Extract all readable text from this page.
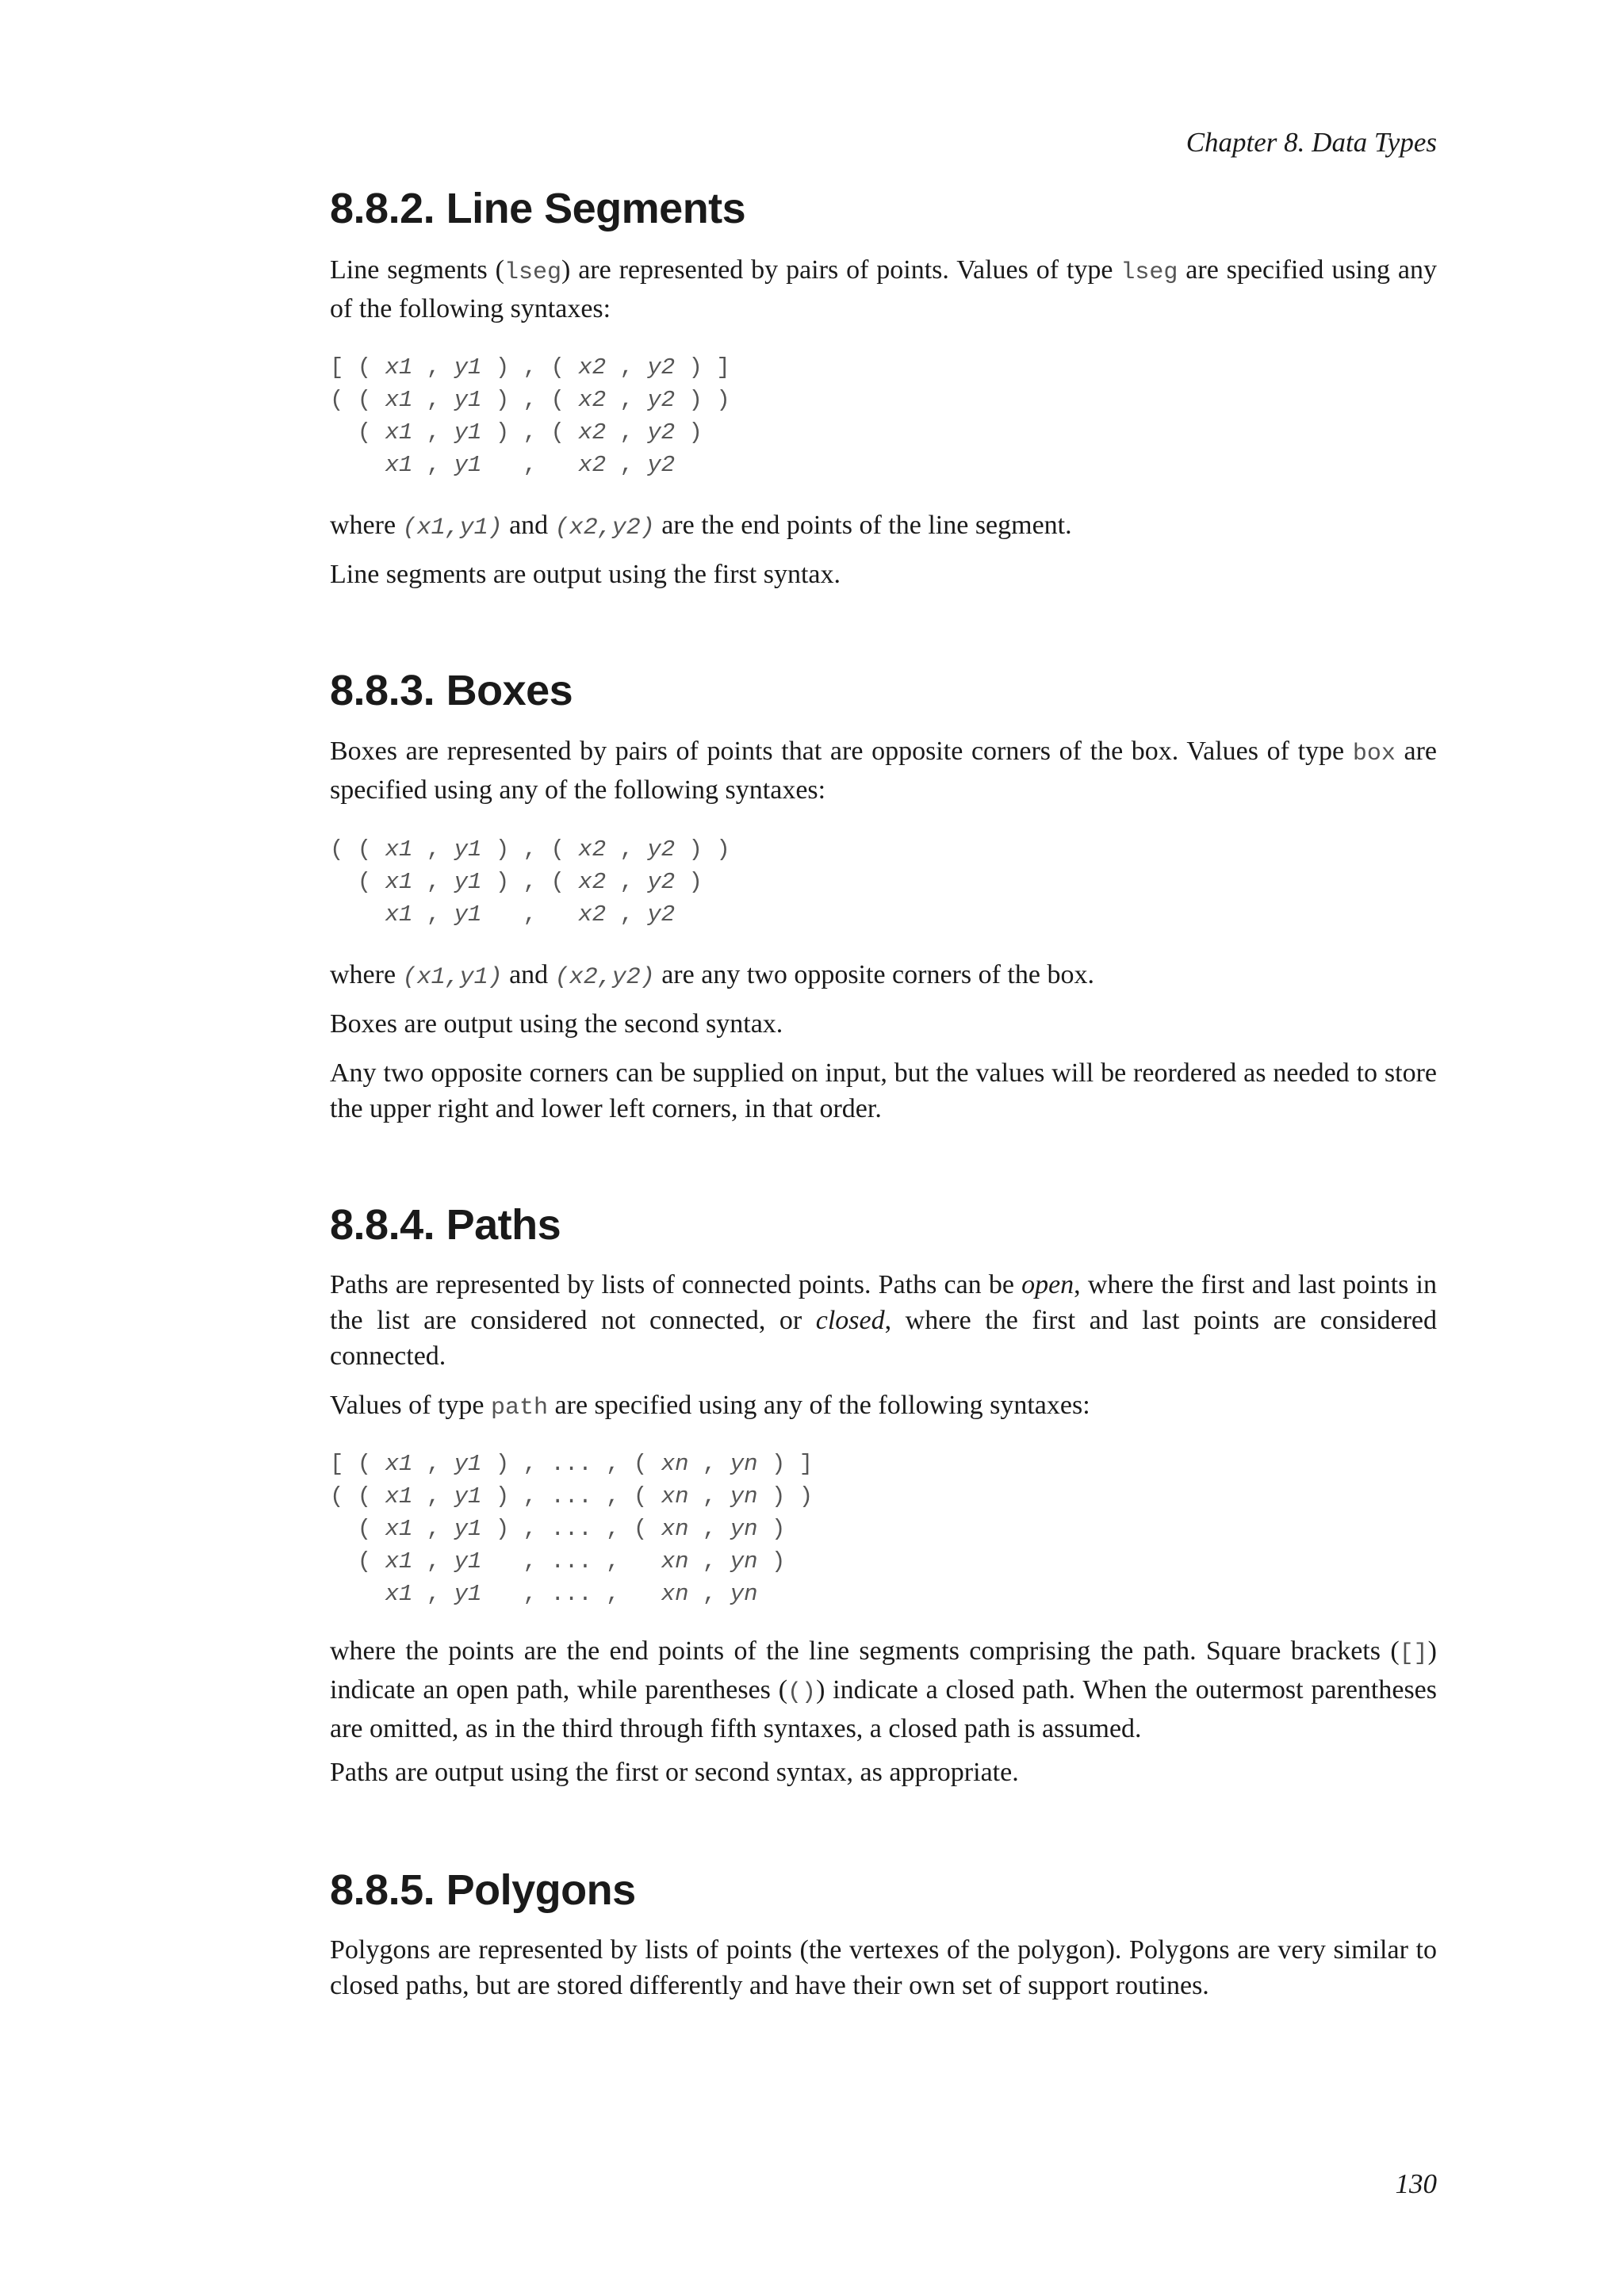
Chapter 8. Data Types
8.8.2. Line Segments

Line segments (lseg) are represented by pairs of points. Values of type lseg are specified using any of the following syntaxes:

[ ( x1 , y1 ) , ( x2 , y2 ) ]
( ( x1 , y1 ) , ( x2 , y2 ) )
( x1 , y1 ) , ( x2 , y2 )
x1 , y1   ,   x2 , y2

where (x1,y1) and (x2,y2) are the end points of the line segment.

Line segments are output using the first syntax.

8.8.3. Boxes

Boxes are represented by pairs of points that are opposite corners of the box. Values of type box are specified using any of the following syntaxes:

( ( x1 , y1 ) , ( x2 , y2 ) )
( x1 , y1 ) , ( x2 , y2 )
x1 , y1   ,   x2 , y2

where (x1,y1) and (x2,y2) are any two opposite corners of the box.

Boxes are output using the second syntax.

Any two opposite corners can be supplied on input, but the values will be reordered as needed to store the upper right and lower left corners, in that order.

8.8.4. Paths

Paths are represented by lists of connected points. Paths can be open, where the first and last points in the list are considered not connected, or closed, where the first and last points are considered connected.

Values of type path are specified using any of the following syntaxes:

[ ( x1 , y1 ) , ... , ( xn , yn ) ]
( ( x1 , y1 ) , ... , ( xn , yn ) )
( x1 , y1 ) , ... , ( xn , yn )
( x1 , y1   , ... ,   xn , yn )
x1 , y1   , ... ,   xn , yn

where the points are the end points of the line segments comprising the path. Square brackets ([]) indicate an open path, while parentheses (()) indicate a closed path. When the outermost parentheses are omitted, as in the third through fifth syntaxes, a closed path is assumed.

Paths are output using the first or second syntax, as appropriate.

8.8.5. Polygons

Polygons are represented by lists of points (the vertexes of the polygon). Polygons are very similar to closed paths, but are stored differently and have their own set of support routines.

130
